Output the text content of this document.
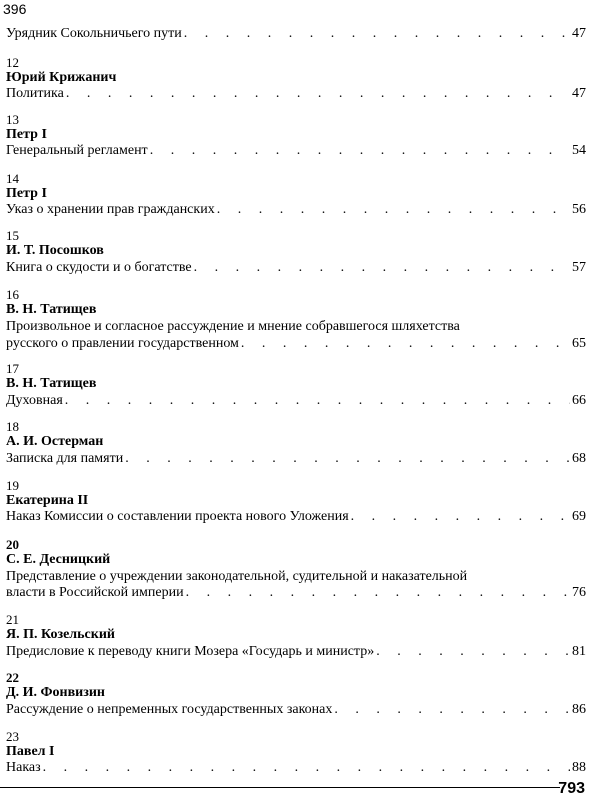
396
Урядник Сокольничьего пути . . .	47
12
Юрий Крижанич
Политика . . .	47
13
Петр I
Генеральный регламент . . .	54
14
Петр I
Указ о хранении прав гражданских . . .	56
15
И. Т. Посошков
Книга о скудости и о богатстве . . .	57
16
В. Н. Татищев
Произвольное и согласное рассуждение и мнение собравшегося шляхетства
русского о правлении государственном . . .	65
17
В. Н. Татищев
Духовная . . .	66
18
А. И. Остерман
Записка для памяти . . .	68
19
Екатерина II
Наказ Комиссии о составлении проекта нового Уложения . . .	69
20
С. Е. Десницкий
Представление о учреждении законодательной, судительной и наказательной
власти в Российской империи . . .	76
21
Я. П. Козельский
Предисловие к переводу книги Мозера «Государь и министр» . . .	81
22
Д. И. Фонвизин
Рассуждение о непременных государственных законах . . .	86
23
Павел I
Наказ . . .	88
793
